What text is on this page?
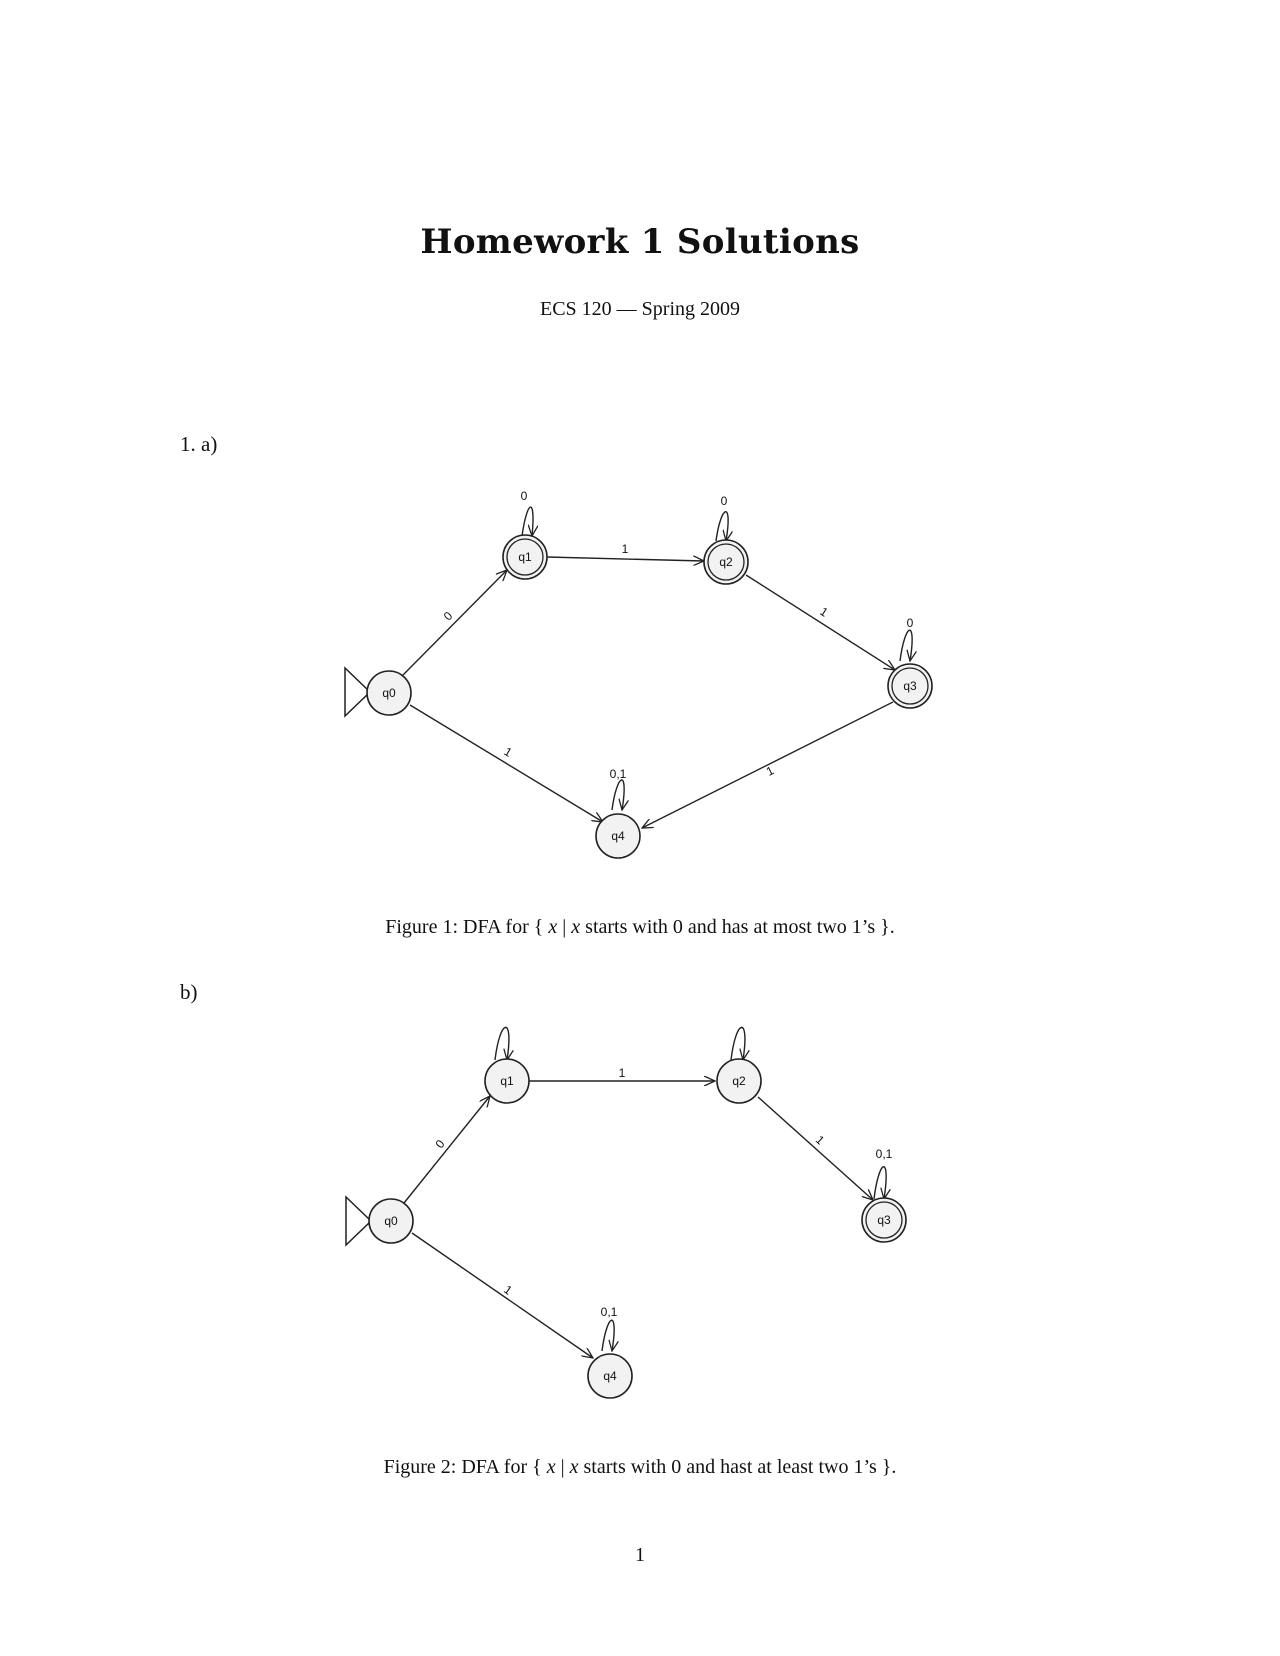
Homework 1 Solutions
ECS 120 — Spring 2009
1. a)
q0
q1	q2
q3
q4
0
0
1
0
1
0
1
1
0,1
Figure 1: DFA for { x | x starts with 0 and has at most two 1’s }.
b)
q0
q1	q2
q3
q4
0
1
1
0,1
1
0,1
Figure 2: DFA for { x | x starts with 0 and hast at least two 1’s }.
1
